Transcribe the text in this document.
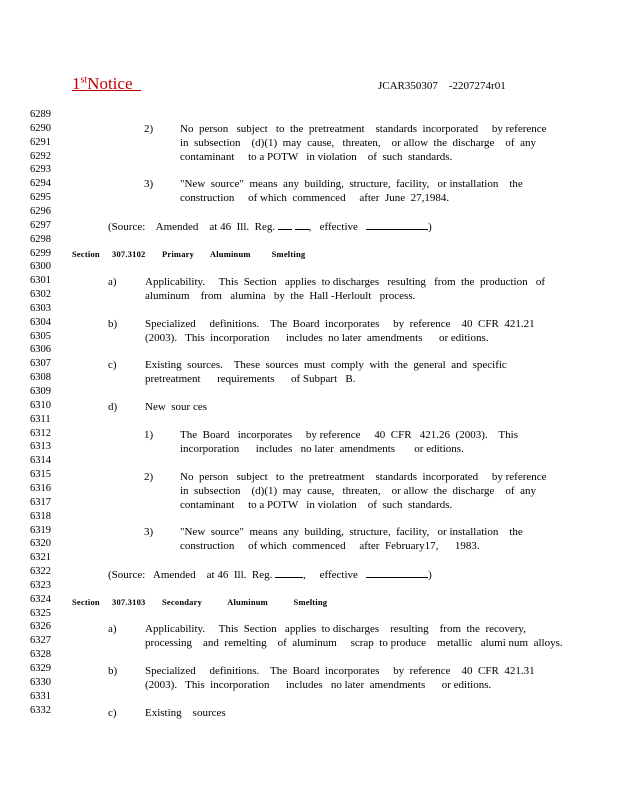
1stNotice	JCAR350307    -2207274r01
6289
6290
6291
6292
6293
6294
6295
6296
6297
6298
6299
6300
6301
6302
6303
6304
6305
6306
6307
6308
6309
6310
6311
6312
6313
6314
6315
6316
6317
6318
6319
6320
6321
6322
6323
6324
6325
6326
6327
6328
6329
6330
6331
6332
2) No  person   subject   to  the  pretreatment    standards  incorporated     by reference
in  subsection    (d)(1)  may  cause,   threaten,    or allow  the  discharge    of  any
contaminant     to a POTW   in violation    of  such  standards.
3) "New  source"  means  any  building,  structure,  facility,   or installation    the
construction     of which  commenced     after  June  27,1984.
(Source:    Amended    at 46  Ill.  Reg.	,   effective	)
Section 307.3102 Primary       Aluminum         Smelting
a)	Applicability.     This  Section   applies  to discharges   resulting   from  the  production   of
aluminum    from   alumina   by  the  Hall -Herloult   process.
b)	Specialized     definitions.    The  Board  incorporates     by  reference    40  CFR  421.21
(2003).   This  incorporation      includes  no later  amendments      or editions.
c)	Existing  sources.    These  sources  must  comply  with  the  general  and  specific
pretreatment      requirements      of Subpart   B.
d)	New  sour ces
1) The  Board   incorporates     by reference     40  CFR   421.26  (2003).    This
incorporation      includes   no later  amendments       or editions.
2) No  person   subject   to  the  pretreatment    standards  incorporated     by reference
in  subsection    (d)(1)  may  cause,   threaten,    or allow  the  discharge    of  any
contaminant     to a POTW   in violation    of  such  standards.
3) "New  source"  means  any  building,  structure,  facility,   or installation    the
construction     of which  commenced     after  February17,      1983.
(Source:   Amended    at 46  Ill.  Reg.	,     effective	)
Section 307.3103 Secondary           Aluminum           Smelting
a)	Applicability.     This  Section   applies  to discharges    resulting    from  the  recovery,
processing    and  remelting    of  aluminum     scrap  to produce    metallic   alumi num  alloys.
b)	Specialized     definitions.    The  Board  incorporates     by  reference    40  CFR  421.31
(2003).   This  incorporation      includes   no later  amendments      or editions.
c)	Existing    sources
